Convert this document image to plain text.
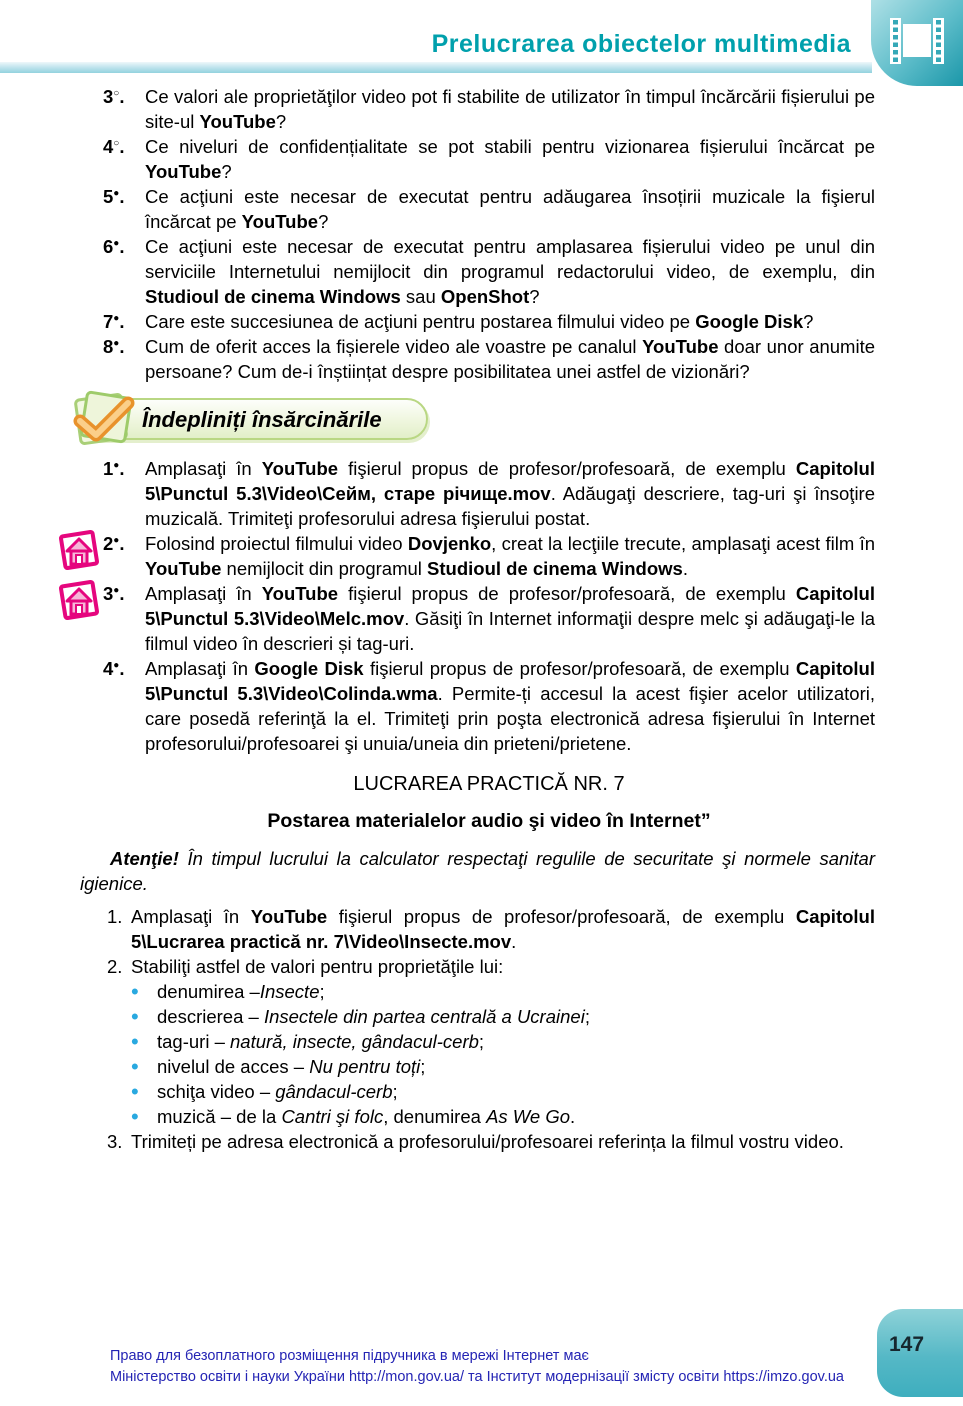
Prelucrarea obiectelor multimedia
3○.	Ce valori ale proprietăţilor video pot fi stabilite de utilizator în timpul încărcării fișierului pe site-ul YouTube?
4○.	Ce niveluri de confidențialitate se pot stabili pentru vizionarea fișierului încărcat pe YouTube?
5●.	Ce acţiuni este necesar de executat pentru adăugarea însoțirii muzicale la fişierul încărcat pe YouTube?
6●.	Ce acţiuni este necesar de executat pentru amplasarea fișierului video pe unul din serviciile Internetului nemijlocit din programul redactorului video, de exemplu, din Studioul de cinema Windows sau OpenShot?
7●.	Care este succesiunea de acţiuni pentru postarea filmului video pe Google Disk?
8●.	Cum de oferit acces la fișierele video ale voastre pe canalul YouTube doar unor anumite persoane? Cum de-i înștiințat despre posibilitatea unei astfel de vizionări?
Îndepliniți însărcinările
1●.	Amplasaţi în YouTube fişierul propus de profesor/profesoară, de exemplu Capitolul 5\Punctul 5.3\Video\Сейм, старе річище.mov. Adăugaţi descriere, tag-uri şi însoţire muzicală. Trimiteţi profesorului adresa fişierului postat.
2●.	Folosind proiectul filmului video Dovjenko, creat la lecţiile trecute, amplasaţi acest film în YouTube nemijlocit din programul Studioul de cinema Windows.
3●.	Amplasaţi în YouTube fişierul propus de profesor/profesoară, de exemplu Capitolul 5\Punctul 5.3\Video\Melc.mov. Găsiţi în Internet informaţii despre melc şi adăugaţi-le la filmul video în descrieri și tag-uri.
4●.	Amplasaţi în Google Disk fişierul propus de profesor/profesoară, de exemplu Capitolul 5\Punctul 5.3\Video\Colinda.wma. Permite-ți accesul la acest fişier acelor utilizatori, care posedă referinţă la el. Trimiteţi prin poşta electronică adresa fişierului în Internet profesorului/profesoarei şi unuia/uneia din prieteni/prietene.
LUCRAREA PRACTICĂ NR. 7
Postarea materialelor audio şi video în Internet”
Atenţie! În timpul lucrului la calculator respectaţi regulile de securitate şi normele sanitar igienice.
1. Amplasaţi în YouTube fişierul propus de profesor/profesoară, de exemplu Capitolul 5\Lucrarea practică nr. 7\Video\Insecte.mov.
2. Stabiliţi astfel de valori pentru proprietăţile lui:
• denumirea –Insecte;
• descrierea – Insectele din partea centrală a Ucrainei;
• tag-uri – natură, insecte, gândacul-cerb;
• nivelul de acces – Nu pentru toți;
• schiţa video – gândacul-cerb;
• muzică – de la Cantri şi folc, denumirea As We Go.
3. Trimiteți pe adresa electronică a profesorului/profesoarei referința la filmul vostru video.
Право для безоплатного розміщення підручника в мережі Інтернет має
Міністерство освіти і науки України http://mon.gov.ua/ та Інститут модернізації змісту освіти https://imzo.gov.ua
147
